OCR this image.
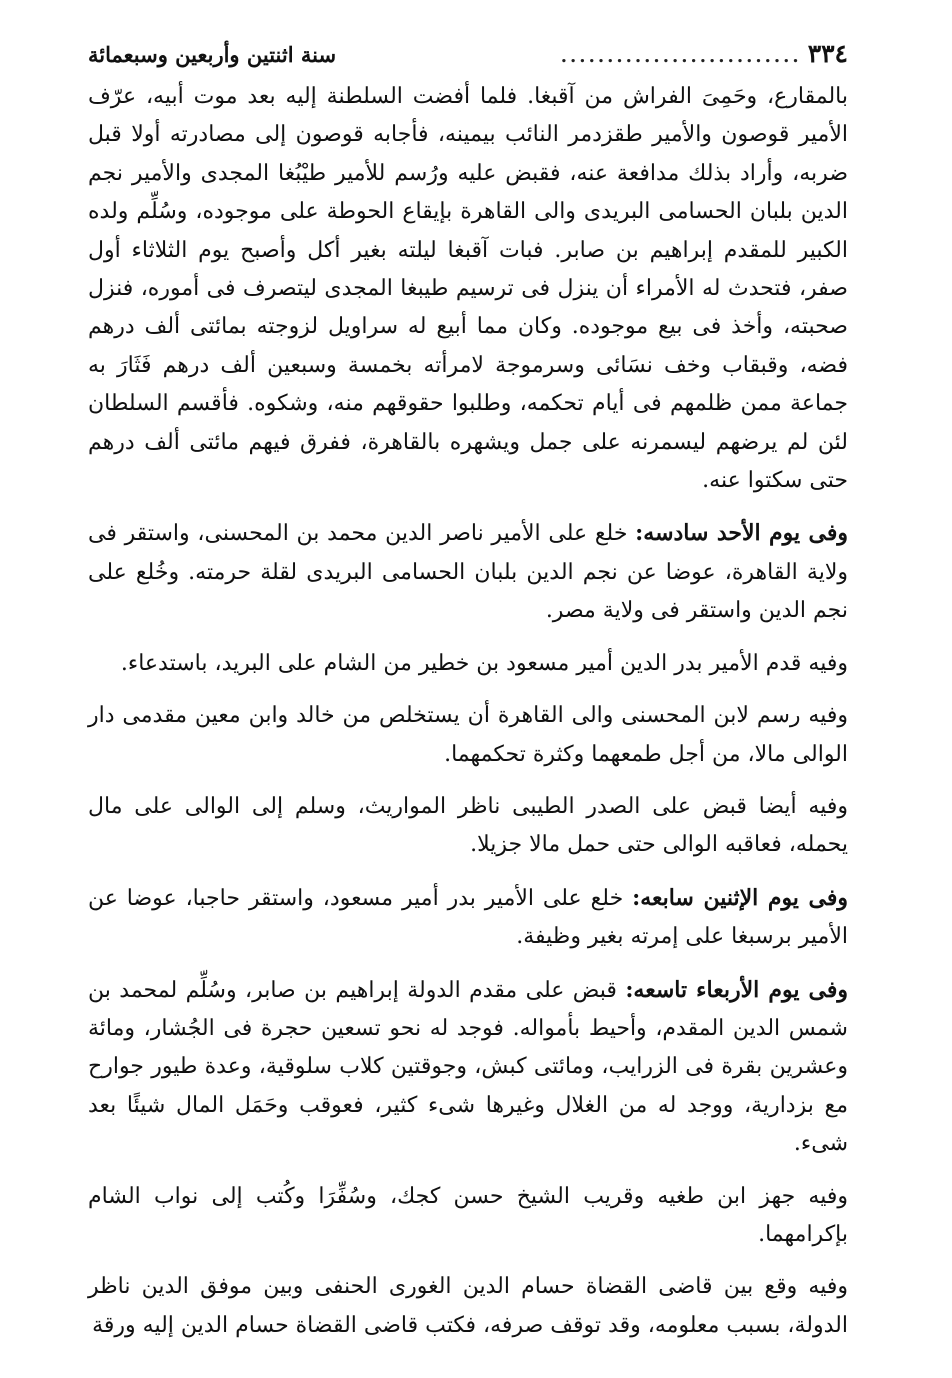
٣٣٤
..........................
سنة اثنتين وأربعين وسبعمائة

بالمقارع، وحَمِىَ الفراش من آقبغا. فلما أفضت السلطنة إليه بعد موت أبيه، عرّف الأمير قوصون والأمير طقزدمر النائب بيمينه، فأجابه قوصون إلى مصادرته أولا قبل ضربه، وأراد بذلك مدافعة عنه، فقبض عليه ورُسم للأمير طيْبُغا المجدى والأمير نجم الدين بلبان الحسامى البريدى والى القاهرة بإيقاع الحوطة على موجوده، وسُلِّم ولده الكبير للمقدم إبراهيم بن صابر. فبات آقبغا ليلته بغير أكل وأصبح يوم الثلاثاء أول صفر، فتحدث له الأمراء أن ينزل فى ترسيم طيبغا المجدى ليتصرف فى أموره، فنزل صحبته، وأخذ فى بيع موجوده. وكان مما أبيع له سراويل لزوجته بمائتى ألف درهم فضه، وقبقاب وخف نسَائى وسرموجة لامرأته بخمسة وسبعين ألف درهم فَثَارَ به جماعة ممن ظلمهم فى أيام تحكمه، وطلبوا حقوقهم منه، وشكوه. فأقسم السلطان لئن لم يرضهم ليسمرنه على جمل ويشهره بالقاهرة، ففرق فيهم مائتى ألف درهم حتى سكتوا عنه.

وفى يوم الأحد سادسه: خلع على الأمير ناصر الدين محمد بن المحسنى، واستقر فى ولاية القاهرة، عوضا عن نجم الدين بلبان الحسامى البريدى لقلة حرمته. وخُلع على نجم الدين واستقر فى ولاية مصر.

وفيه قدم الأمير بدر الدين أمير مسعود بن خطير من الشام على البريد، باستدعاء.

وفيه رسم لابن المحسنى والى القاهرة أن يستخلص من خالد وابن معين مقدمى دار الوالى مالا، من أجل طمعهما وكثرة تحكمهما.

وفيه أيضا قبض على الصدر الطيبى ناظر المواريث، وسلم إلى الوالى على مال يحمله، فعاقبه الوالى حتى حمل مالا جزيلا.

وفى يوم الإثنين سابعه: خلع على الأمير بدر أمير مسعود، واستقر حاجبا، عوضا عن الأمير برسبغا على إمرته بغير وظيفة.

وفى يوم الأربعاء تاسعه: قبض على مقدم الدولة إبراهيم بن صابر، وسُلِّم لمحمد بن شمس الدين المقدم، وأحيط بأمواله. فوجد له نحو تسعين حجرة فى الجُشار، ومائة وعشرين بقرة فى الزرايب، ومائتى كبش، وجوقتين كلاب سلوقية، وعدة طيور جوارح مع بزدارية، ووجد له من الغلال وغيرها شىء كثير، فعوقب وحَمَل المال شيئًا بعد شىء.

وفيه جهز ابن طغيه وقريب الشيخ حسن كجك، وسُفِّرَا وكُتب إلى نواب الشام بإكرامهما.

وفيه وقع بين قاضى القضاة حسام الدين الغورى الحنفى وبين موفق الدين ناظر الدولة، بسبب معلومه، وقد توقف صرفه، فكتب قاضى القضاة حسام الدين إليه ورقة
